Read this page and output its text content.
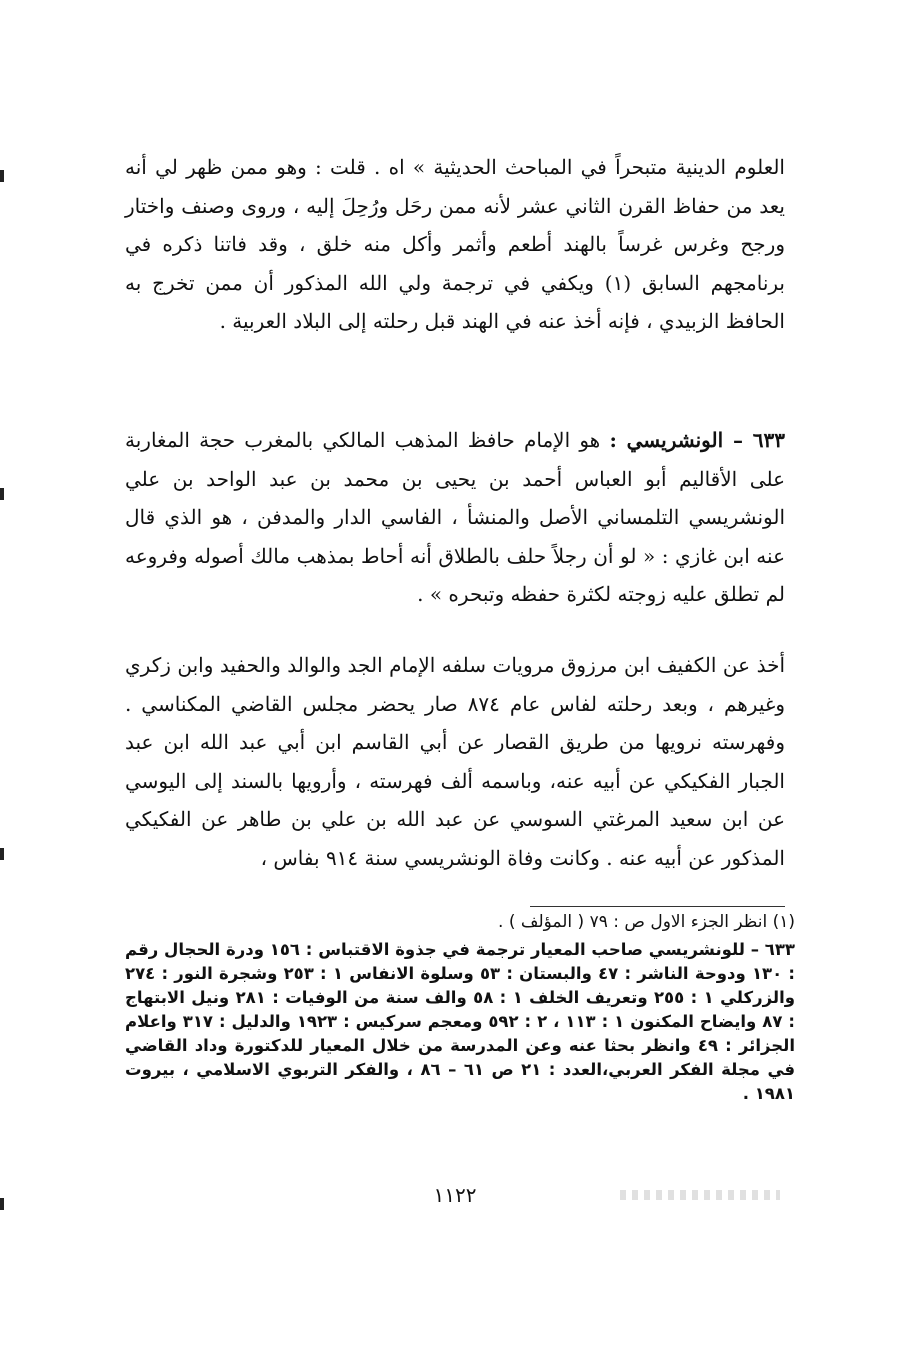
العلوم الدينية متبحراً في المباحث الحديثية » اه . قلت : وهو ممن ظهر لي أنه يعد من حفاظ القرن الثاني عشر لأنه ممن رحَل ورُحِلَ إليه ، وروى وصنف واختار ورجح وغرس غرساً بالهند أطعم وأثمر وأكل منه خلق ، وقد فاتنا ذكره في برنامجهم السابق (١) ويكفي في ترجمة ولي الله المذكور أن ممن تخرج به الحافظ الزبيدي ، فإنه أخذ عنه في الهند قبل رحلته إلى البلاد العربية .

٦٣٣ – الونشريسي : هو الإمام حافظ المذهب المالكي بالمغرب حجة المغاربة على الأقاليم أبو العباس أحمد بن يحيى بن محمد بن عبد الواحد بن علي الونشريسي التلمساني الأصل والمنشأ ، الفاسي الدار والمدفن ، هو الذي قال عنه ابن غازي : « لو أن رجلاً حلف بالطلاق أنه أحاط بمذهب مالك أصوله وفروعه لم تطلق عليه زوجته لكثرة حفظه وتبحره » .

أخذ عن الكفيف ابن مرزوق مرويات سلفه الإمام الجد والوالد والحفيد وابن زكري وغيرهم ، وبعد رحلته لفاس عام ٨٧٤ صار يحضر مجلس القاضي المكناسي . وفهرسته نرويها من طريق القصار عن أبي القاسم ابن أبي عبد الله ابن عبد الجبار الفكيكي عن أبيه عنه، وباسمه ألف فهرسته ، وأرويها بالسند إلى اليوسي عن ابن سعيد المرغتي السوسي عن عبد الله بن علي بن طاهر عن الفكيكي المذكور عن أبيه عنه . وكانت وفاة الونشريسي سنة ٩١٤ بفاس ،

(١) انظر الجزء الاول ص : ٧٩ ( المؤلف ) .
٦٣٣ – للونشريسي صاحب المعيار ترجمة في جذوة الاقتباس : ١٥٦ ودرة الحجال رقم : ١٣٠ ودوحة الناشر : ٤٧ والبستان : ٥٣ وسلوة الانفاس ١ : ٢٥٣ وشجرة النور : ٢٧٤ والزركلي ١ : ٢٥٥ وتعريف الخلف ١ : ٥٨ والف سنة من الوفيات : ٢٨١ ونيل الابتهاج : ٨٧ وايضاح المكنون ١ : ١١٣ ، ٢ : ٥٩٢ ومعجم سركيس : ١٩٢٣ والدليل : ٣١٧ واعلام الجزائر : ٤٩ وانظر بحثا عنه وعن المدرسة من خلال المعيار للدكتورة وداد القاضي في مجلة الفكر العربي،العدد : ٢١ ص ٦١ – ٨٦ ، والفكر التربوي الاسلامي ، بيروت ١٩٨١ .
١١٢٢
